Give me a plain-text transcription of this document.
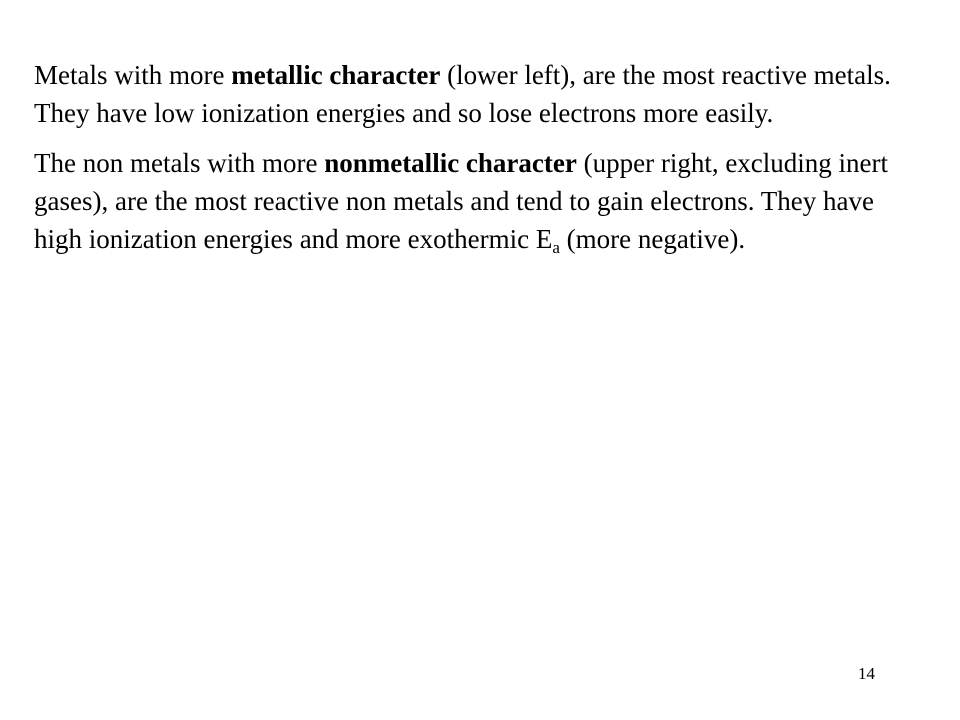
Metals with more metallic character (lower left), are the most reactive metals. They have low ionization energies and so lose electrons more easily.

The non metals with more nonmetallic character (upper right, excluding inert gases), are the most reactive non metals and tend to gain electrons. They have high ionization energies and more exothermic $E_a$ (more negative).

14
